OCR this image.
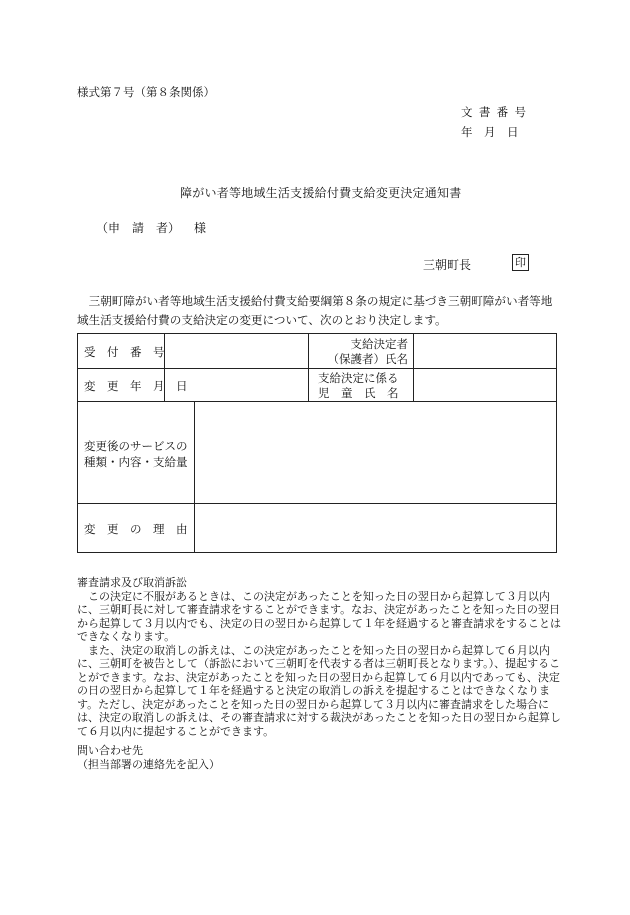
様式第７号（第８条関係）
文書番号
年　月　日
障がい者等地域生活支援給付費支給変更決定通知書
（申　請　者） 様
三朝町長	印
三朝町障がい者等地域生活支援給付費支給要綱第８条の規定に基づき三朝町障がい者等地域生活支援給付費の支給決定の変更について、次のとおり決定します。
受　付　番　号
支給決定者
（保護者）氏名
変　更　年　月　日
支給決定に係る
児　童　氏　名
変更後のサービスの
種類・内容・支給量
変　更　の　理　由

審査請求及び取消訴訟

この決定に不服があるときは、この決定があったことを知った日の翌日から起算して３月以内に、三朝町長に対して審査請求をすることができます。なお、決定があったことを知った日の翌日から起算して３月以内でも、決定の日の翌日から起算して１年を経過すると審査請求をすることはできなくなります。

また、決定の取消しの訴えは、この決定があったことを知った日の翌日から起算して６月以内に、三朝町を被告として（訴訟において三朝町を代表する者は三朝町長となります。）、提起することができます。なお、決定があったことを知った日の翌日から起算して６月以内であっても、決定の日の翌日から起算して１年を経過すると決定の取消しの訴えを提起することはできなくなります。ただし、決定があったことを知った日の翌日から起算して３月以内に審査請求をした場合には、決定の取消しの訴えは、その審査請求に対する裁決があったことを知った日の翌日から起算して６月以内に提起することができます。

問い合わせ先

（担当部署の連絡先を記入）
